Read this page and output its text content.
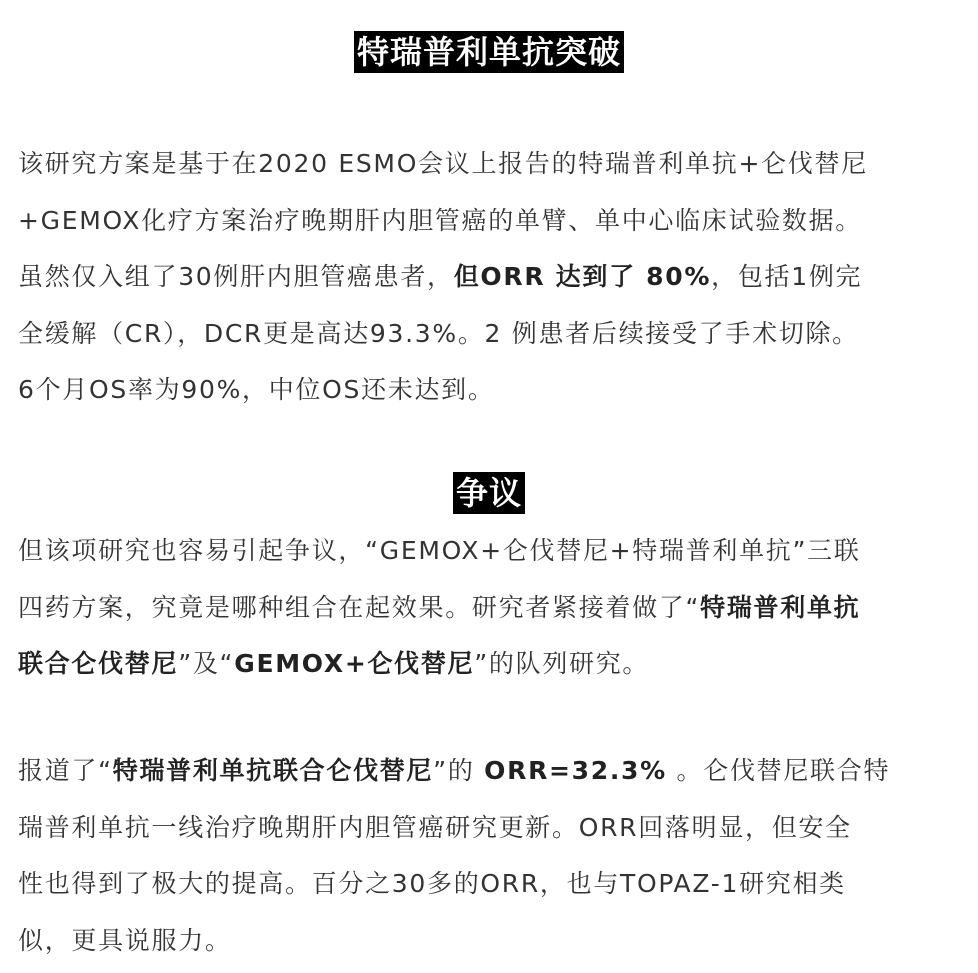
特瑞普利单抗突破
该研究方案是基于在2020 ESMO会议上报告的特瑞普利单抗+仑伐替尼
+GEMOX化疗方案治疗晚期肝内胆管癌的单臂、单中心临床试验数据。
虽然仅入组了30例肝内胆管癌患者，但ORR 达到了 80%，包括1例完
全缓解（CR），DCR更是高达93.3%。2 例患者后续接受了手术切除。
6个月OS率为90%，中位OS还未达到。
争议
但该项研究也容易引起争议，“GEMOX+仑伐替尼+特瑞普利单抗”三联
四药方案，究竟是哪种组合在起效果。研究者紧接着做了“特瑞普利单抗
联合仑伐替尼”及“GEMOX+仑伐替尼”的队列研究。
报道了“特瑞普利单抗联合仑伐替尼”的 ORR=32.3% 。仑伐替尼联合特
瑞普利单抗一线治疗晚期肝内胆管癌研究更新。ORR回落明显，但安全
性也得到了极大的提高。百分之30多的ORR，也与TOPAZ-1研究相类
似，更具说服力。
